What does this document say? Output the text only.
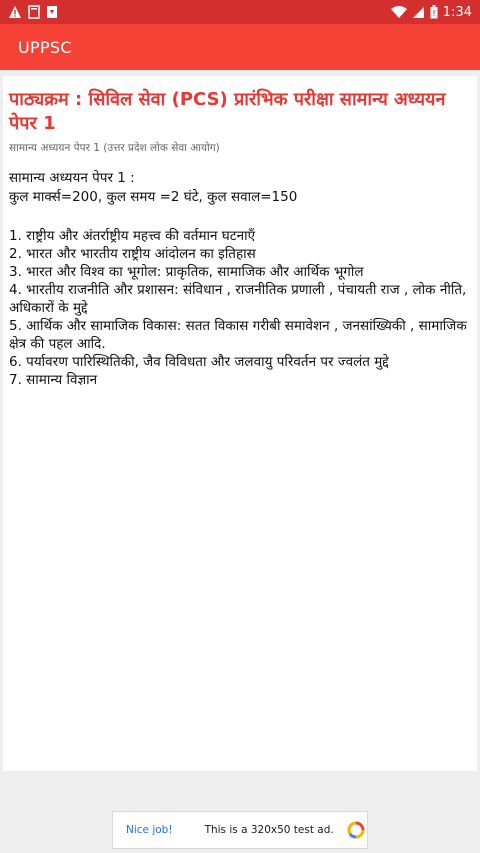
1:34
UPPSC
पाठ्यक्रम : सिविल सेवा (PCS) प्रारंभिक परीक्षा सामान्य अध्ययन पेपर 1
सामान्य अध्ययन पेपर 1 (उत्तर प्रदेश लोक सेवा आयोग)
सामान्य अध्ययन पेपर 1 :
कुल मार्क्स=200, कुल समय =2 घंटे, कुल सवाल=150

1. राष्ट्रीय और अंतर्राष्ट्रीय महत्त्व की वर्तमान घटनाएँ

2. भारत और भारतीय राष्ट्रीय आंदोलन का इतिहास

3. भारत और विश्व का भूगोल: प्राकृतिक, सामाजिक और आर्थिक भूगोल

4. भारतीय राजनीति और प्रशासन: संविधान , राजनीतिक प्रणाली , पंचायती राज , लोक नीति, अधिकारों के मुद्दे

5. आर्थिक और सामाजिक विकास: सतत विकास गरीबी समावेशन , जनसांख्यिकी , सामाजिक क्षेत्र की पहल आदि.

6. पर्यावरण पारिस्थितिकी, जैव विविधता और जलवायु परिवर्तन पर ज्वलंत मुद्दे

7. सामान्य विज्ञान

Nice job!	This is a 320x50 test ad.
